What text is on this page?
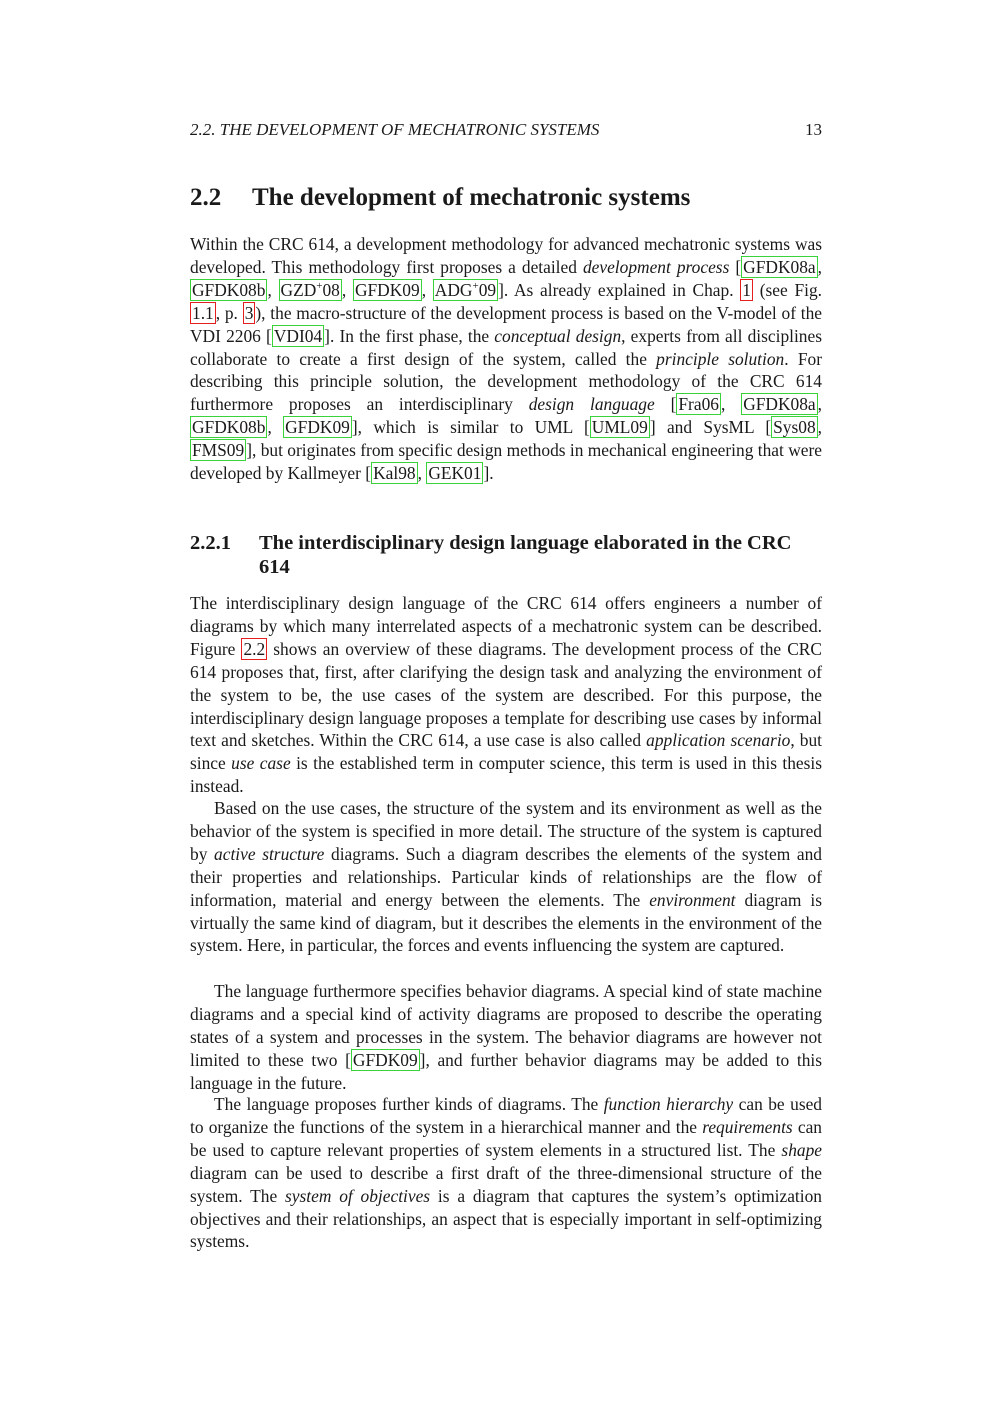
2.2. THE DEVELOPMENT OF MECHATRONIC SYSTEMS	13
2.2 The development of mechatronic systems
Within the CRC 614, a development methodology for advanced mechatronic systems was developed. This methodology first proposes a detailed development process [ GFDK08a , GFDK08b , GZD+08 , GFDK09 , ADG+09 ]. As already explained in Chap. 1 (see Fig. 1.1 , p. 3 ), the macro-structure of the development process is based on the V-model of the VDI 2206 [ VDI04 ]. In the first phase, the conceptual design, experts from all disciplines collaborate to create a first design of the system, called the principle solution. For describing this principle solution, the development methodology of the CRC 614 furthermore proposes an interdisciplinary design language [ Fra06 , GFDK08a , GFDK08b , GFDK09 ], which is similar to UML [ UML09 ] and SysML [ Sys08 , FMS09 ], but originates from specific design methods in mechanical engineering that were developed by Kallmeyer [ Kal98 , GEK01 ].
2.2.1 The interdisciplinary design language elaborated in the CRC 614
The interdisciplinary design language of the CRC 614 offers engineers a number of diagrams by which many interrelated aspects of a mechatronic system can be described. Figure 2.2 shows an overview of these diagrams. The development process of the CRC 614 proposes that, first, after clarifying the design task and analyzing the environment of the system to be, the use cases of the system are described. For this purpose, the interdisciplinary design language proposes a template for describing use cases by informal text and sketches. Within the CRC 614, a use case is also called application scenario, but since use case is the established term in computer science, this term is used in this thesis instead.
Based on the use cases, the structure of the system and its environment as well as the behavior of the system is specified in more detail. The structure of the system is captured by active structure diagrams. Such a diagram describes the elements of the system and their properties and relationships. Particular kinds of relationships are the flow of information, material and energy between the elements. The environment diagram is virtually the same kind of diagram, but it describes the elements in the environment of the system. Here, in particular, the forces and events influencing the system are captured.
The language furthermore specifies behavior diagrams. A special kind of state machine diagrams and a special kind of activity diagrams are proposed to describe the operating states of a system and processes in the system. The behavior diagrams are however not limited to these two [ GFDK09 ], and further behavior diagrams may be added to this language in the future.
The language proposes further kinds of diagrams. The function hierarchy can be used to organize the functions of the system in a hierarchical manner and the requirements can be used to capture relevant properties of system elements in a structured list. The shape diagram can be used to describe a first draft of the three-dimensional structure of the system. The system of objectives is a diagram that captures the system’s optimization objectives and their relationships, an aspect that is especially important in self-optimizing systems.
